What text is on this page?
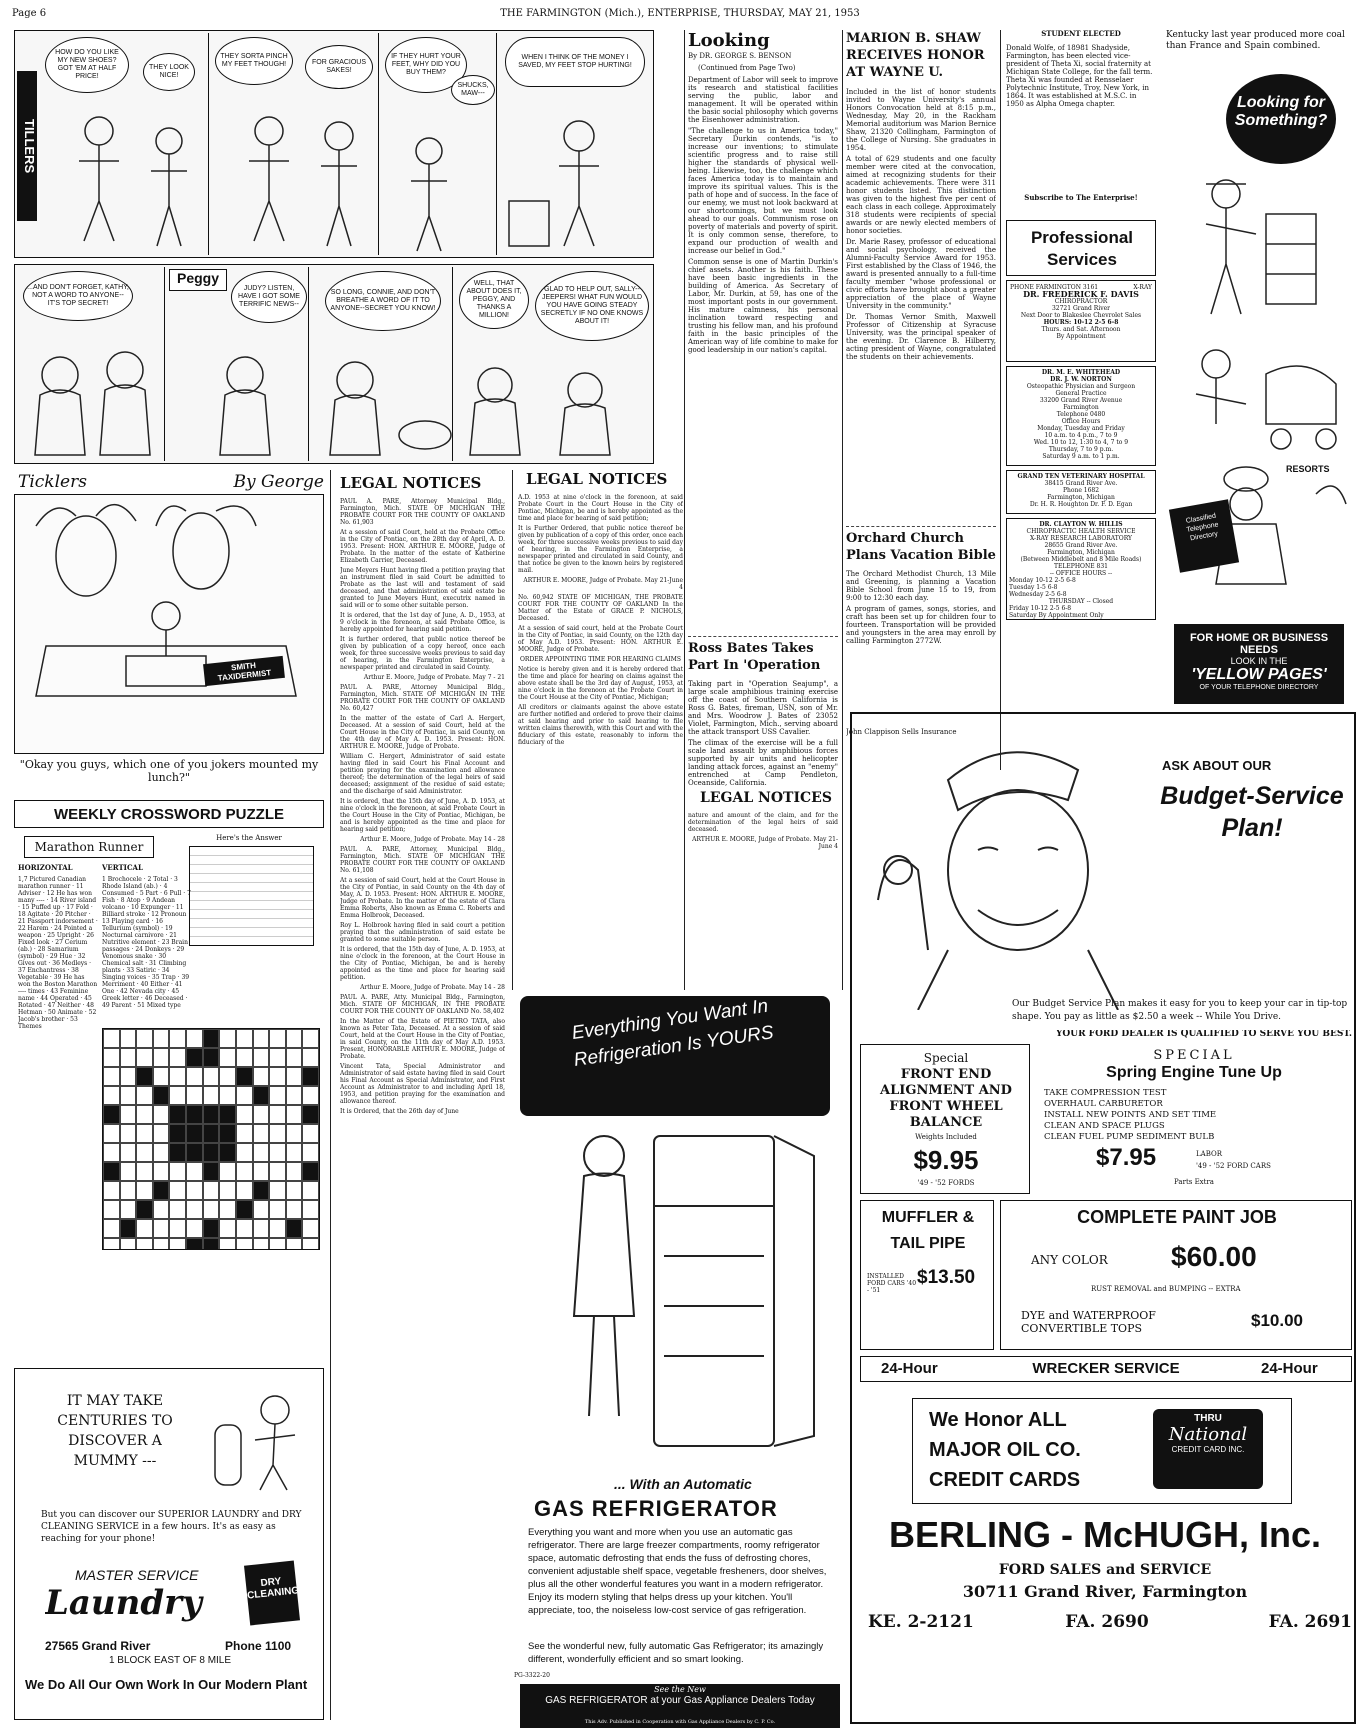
Page 6	THE FARMINGTON (Mich.), ENTERPRISE, THURSDAY, MAY 21, 1953
TILLERS
HOW DO YOU LIKE MY NEW SHOES? GOT 'EM AT HALF PRICE!
THEY LOOK NICE!
THEY SORTA PINCH MY FEET THOUGH!	FOR GRACIOUS SAKES!
IF THEY HURT YOUR FEET, WHY DID YOU BUY THEM?
SHUCKS, MAW---
WHEN I THINK OF THE MONEY I SAVED, MY FEET STOP HURTING!
Peggy
...AND DON'T FORGET, KATHY, NOT A WORD TO ANYONE--IT'S TOP SECRET!
JUDY? LISTEN, HAVE I GOT SOME TERRIFIC NEWS--
SO LONG, CONNIE, AND DON'T BREATHE A WORD OF IT TO ANYONE--SECRET YOU KNOW!
WELL, THAT ABOUT DOES IT, PEGGY, AND THANKS A MILLION!
GLAD TO HELP OUT, SALLY--JEEPERS! WHAT FUN WOULD YOU HAVE GOING STEADY SECRETLY IF NO ONE KNOWS ABOUT IT!
Ticklers	By George
SMITH TAXIDERMIST
"Okay you guys, which one of you jokers mounted my lunch?"
WEEKLY CROSSWORD PUZZLE
Marathon Runner
Here's the Answer
HORIZONTAL	VERTICAL
1,7 Pictured Canadian marathon runner · 11 Adviser · 12 He has won many ---- · 14 River island · 15 Puffed up · 17 Fold · 18 Agitate · 20 Pitcher · 21 Passport indorsement · 22 Harem · 24 Pointed a weapon · 25 Upright · 26 Fixed look · 27 Cerium (ab.) · 28 Samarium (symbol) · 29 Hue · 32 Gives out · 36 Medleys · 37 Enchantress · 38 Vegetable · 39 He has won the Boston Marathon ---- times · 43 Feminine name · 44 Operated · 45 Rotated · 47 Neither · 48 Hetman · 50 Animate · 52 Jacob's brother · 53 Themes
1 Brochocele · 2 Total · 3 Rhode Island (ab.) · 4 Consumed · 5 Part · 6 Pull · 7 Fish · 8 Atop · 9 Andean volcano · 10 Expunger · 11 Billiard stroke · 12 Pronoun · 13 Playing card · 16 Tellurium (symbol) · 19 Nocturnal carnivore · 21 Nutritive element · 23 Brain passages · 24 Donkeys · 29 Venomous snake · 30 Chemical salt · 31 Climbing plants · 33 Satiric · 34 Singing voices · 35 Trap · 39 Merriment · 40 Either · 41 One · 42 Nevada city · 45 Greek letter · 46 Deceased · 49 Parent · 51 Mixed type
IT MAY TAKE CENTURIES TO DISCOVER A MUMMY ---
But you can discover our SUPERIOR LAUNDRY and DRY CLEANING SERVICE in a few hours. It's as easy as reaching for your phone!
MASTER SERVICE
Laundry
DRY CLEANING
27565 Grand River	Phone 1100
1 BLOCK EAST OF 8 MILE
We Do All Our Own Work In Our Modern Plant
LEGAL NOTICES	LEGAL NOTICES

PAUL A. PARE, Attorney Municipal Bldg., Farmington, Mich. STATE OF MICHIGAN THE PROBATE COURT FOR THE COUNTY OF OAKLAND No. 61,903

At a session of said Court, held at the Probate Office in the City of Pontiac, on the 28th day of April, A. D. 1953. Present: HON. ARTHUR E. MOORE, Judge of Probate. In the matter of the estate of Katherine Elizabeth Carrier, Deceased.

June Meyers Hunt having filed a petition praying that an instrument filed in said Court be admitted to Probate as the last will and testament of said deceased, and that administration of said estate be granted to June Meyers Hunt, executrix named in said will or to some other suitable person.

It is ordered, that the 1st day of June, A. D., 1953, at 9 o'clock in the forenoon, at said Probate Office, is hereby appointed for hearing said petition.

It is further ordered, that public notice thereof be given by publication of a copy hereof, once each week, for three successive weeks previous to said day of hearing, in the Farmington Enterprise, a newspaper printed and circulated in said County.

Arthur E. Moore, Judge of Probate. May 7 - 21

PAUL A. PARE, Attorney Municipal Bldg., Farmington, Mich. STATE OF MICHIGAN IN THE PROBATE COURT FOR THE COUNTY OF OAKLAND No. 60,427

In the matter of the estate of Carl A. Hergert, Deceased. At a session of said Court, held at the Court House in the City of Pontiac, in said County, on the 4th day of May A. D. 1953. Present: HON. ARTHUR E. MOORE, Judge of Probate.

William C. Hergert, Administrator of said estate having filed in said Court his Final Account and petition praying for the examination and allowance thereof; the determination of the legal heirs of said deceased; assignment of the residue of said estate; and the discharge of said Administrator.

It is ordered, that the 15th day of June, A. D. 1953, at nine o'clock in the forenoon, at said Probate Court in the Court House in the City of Pontiac, Michigan, be and is hereby appointed as the time and place for hearing said petition;

Arthur E. Moore, Judge of Probate. May 14 - 28

PAUL A. PARE, Attorney, Municipal Bldg., Farmington, Mich. STATE OF MICHIGAN THE PROBATE COURT FOR THE COUNTY OF OAKLAND No. 61,108

At a session of said Court, held at the Court House in the City of Pontiac, in said County on the 4th day of May, A. D. 1953. Present: HON. ARTHUR E. MOORE, Judge of Probate. In the matter of the estate of Clara Emma Roberts, Also known as Emma C. Roberts and Emma Holbrook, Deceased.

Roy L. Holbrook having filed in said court a petition praying that the administration of said estate be granted to some suitable person.

It is ordered, that the 15th day of June, A. D. 1953, at nine o'clock in the forenoon, at the Court House in the City of Pontiac, Michigan, be and is hereby appointed as the time and place for hearing said petition.

Arthur E. Moore, Judge of Probate. May 14 - 28

PAUL A. PARE, Atty. Municipal Bldg., Farmington, Mich. STATE OF MICHIGAN, IN THE PROBATE COURT FOR THE COUNTY OF OAKLAND No. 58,402

In the Matter of the Estate of PIETRO TATA, also known as Peter Tata, Deceased. At a session of said Court, held at the Court House in the City of Pontiac, in said County, on the 11th day of May A.D. 1953. Present, HONORABLE ARTHUR E. MOORE, Judge of Probate.

Vincent Tata, Special Administrator and Administrator of said estate having filed in said Court his Final Account as Special Administrator, and First Account as Administrator to and including April 18, 1953, and petition praying for the examination and allowance thereof.

It is Ordered, that the 26th day of June

A.D. 1953 at nine o'clock in the forenoon, at said Probate Court in the Court House in the City of Pontiac, Michigan, be and is hereby appointed as the time and place for hearing of said petition;

It is Further Ordered, that public notice thereof be given by publication of a copy of this order, once each week, for three successive weeks previous to said day of hearing, in the Farmington Enterprise, a newspaper printed and circulated in said County, and that notice be given to the known heirs by registered mail.

ARTHUR E. MOORE, Judge of Probate. May 21-June 4

No. 60,942 STATE OF MICHIGAN, THE PROBATE COURT FOR THE COUNTY OF OAKLAND In the Matter of the Estate of GRACE P. NICHOLS, Deceased.

At a session of said court, held at the Probate Court in the City of Pontiac, in said County, on the 12th day of May A.D. 1953. Present: HON. ARTHUR E. MOORE, Judge of Probate.

ORDER APPOINTING TIME FOR HEARING CLAIMS

Notice is hereby given and it is hereby ordered that the time and place for hearing on claims against the above estate shall be the 3rd day of August, 1953, at nine o'clock in the forenoon at the Probate Court in the Court House at the City of Pontiac, Michigan;

All creditors or claimants against the above estate are further notified and ordered to prove their claims at said hearing and prior to said hearing to file written claims therewith, with this Court and with the fiduciary of this estate, reasonably to inform the fiduciary of the

Everything You Want In Refrigeration Is YOURS
... With an Automatic
GAS REFRIGERATOR
Everything you want and more when you use an automatic gas refrigerator. There are large freezer compartments, roomy refrigerator space, automatic defrosting that ends the fuss of defrosting chores, convenient adjustable shelf space, vegetable fresheners, door shelves, plus all the other wonderful features you want in a modern refrigerator. Enjoy its modern styling that helps dress up your kitchen. You'll appreciate, too, the noiseless low-cost service of gas refrigeration.
See the wonderful new, fully automatic Gas Refrigerator; its amazingly different, wonderfully efficient and so smart looking.
PG-3322-20
See the New
GAS REFRIGERATOR at your Gas Appliance Dealers Today
This Adv. Published in Cooperation with Gas Appliance Dealers by C. P. Co.
Looking
By DR. GEORGE S. BENSON
(Continued from Page Two)

Department of Labor will seek to improve its research and statistical facilities serving the public, labor and management. It will be operated within the basic social philosophy which governs the Eisenhower administration.

"The challenge to us in America today," Secretary Durkin contends, "is to increase our inventions; to stimulate scientific progress and to raise still higher the standards of physical well-being. Likewise, too, the challenge which faces America today is to maintain and improve its spiritual values. This is the path of hope and of success. In the face of our enemy, we must not look backward at our shortcomings, but we must look ahead to our goals. Communism rose on poverty of materials and poverty of spirit. It is only common sense, therefore, to expand our production of wealth and increase our belief in God."

Common sense is one of Martin Durkin's chief assets. Another is his faith. These have been basic ingredients in the building of America. As Secretary of Labor, Mr. Durkin, at 59, has one of the most important posts in our government. His mature calmness, his personal inclination toward respecting and trusting his fellow man, and his profound faith in the basic principles of the American way of life combine to make for good leadership in our nation's capital.

Ross Bates Takes Part In 'Operation

Taking part in "Operation Seajump", a large scale amphibious training exercise off the coast of Southern California is Ross G. Bates, fireman, USN, son of Mr. and Mrs. Woodrow J. Bates of 23052 Violet, Farmington, Mich., serving aboard the attack transport USS Cavalier.

The climax of the exercise will be a full scale land assault by amphibious forces supported by air units and helicopter landing attack forces, against an "enemy" entrenched at Camp Pendleton, Oceanside, California.

MARION B. SHAW RECEIVES HONOR AT WAYNE U.

Included in the list of honor students invited to Wayne University's annual Honors Convocation held at 8:15 p.m., Wednesday, May 20, in the Rackham Memorial auditorium was Marion Bernice Shaw, 21320 Collingham, Farmington of the College of Nursing. She graduates in 1954.

A total of 629 students and one faculty member were cited at the convocation, aimed at recognizing students for their academic achievements. There were 311 honor students listed. This distinction was given to the highest five per cent of each class in each college. Approximately 318 students were recipients of special awards or are newly elected members of honor societies.

Dr. Marie Rasey, professor of educational and social psychology, received the Alumni-Faculty Service Award for 1953. First established by the Class of 1946, the award is presented annually to a full-time faculty member "whose professional or civic efforts have brought about a greater appreciation of the place of Wayne University in the community."

Dr. Thomas Vernor Smith, Maxwell Professor of Citizenship at Syracuse University, was the principal speaker of the evening. Dr. Clarence B. Hilberry, acting president of Wayne, congratulated the students on their achievements.

Orchard Church Plans Vacation Bible

The Orchard Methodist Church, 13 Mile and Greening, is planning a Vacation Bible School from June 15 to 19, from 9:00 to 12:30 each day.

A program of games, songs, stories, and craft has been set up for children four to fourteen. Transportation will be provided and youngsters in the area may enroll by calling Farmington 2772W.

John Clappison Sells Insurance
LEGAL NOTICES

nature and amount of the claim, and for the determination of the legal heirs of said deceased.

ARTHUR E. MOORE, Judge of Probate. May 21-June 4

STUDENT ELECTED
Donald Wolfe, of 18981 Shadyside, Farmington, has been elected vice-president of Theta Xi, social fraternity at Michigan State College, for the fall term. Theta Xi was founded at Rensselaer Polytechnic Institute, Troy, New York, in 1864. It was established at M.S.C. in 1950 as Alpha Omega chapter.
Subscribe to The Enterprise!
Professional Services
PHONE FARMINGTON 3161	X-RAY
DR. FREDERICK F. DAVIS
CHIROPRACTOR
32721 Grand River
Next Door to Blakeslee Chevrolet Sales
HOURS: 10-12 2-5 6-8
Thurs. and Sat. Afternoon
By Appointment
DR. M. E. WHITEHEAD
DR. J. W. NORTON
Osteopathic Physician and Surgeon
General Practice
33200 Grand River Avenue
Farmington
Telephone 0480
Office Hours
Monday, Tuesday and Friday
10 a.m. to 4 p.m., 7 to 9
Wed. 10 to 12, 1:30 to 4, 7 to 9
Thursday, 7 to 9 p.m.
Saturday 9 a.m. to 1 p.m.
GRAND TEN VETERINARY HOSPITAL
38415 Grand River Ave.
Phone 1682
Farmington, Michigan
Dr. H. R. Houghton Dr. F. D. Egan
DR. CLAYTON W. HILLIS
CHIROPRACTIC HEALTH SERVICE
X-RAY RESEARCH LABORATORY
28655 Grand River Ave.
Farmington, Michigan
(Between Middlebelt and 8 Mile Roads)
TELEPHONE 831
-- OFFICE HOURS --
Monday 10-12 2-5 6-8
Tuesday 1-5 6-8
Wednesday 2-5 6-8
THURSDAY -- Closed
Friday 10-12 2-5 6-8
Saturday By Appointment Only
Kentucky last year produced more coal than France and Spain combined.
Looking for Something?
RESORTS
Classified Telephone Directory
FOR HOME OR BUSINESS NEEDS
LOOK IN THE
'YELLOW PAGES'
OF YOUR TELEPHONE DIRECTORY
ASK ABOUT OUR
Budget-Service Plan!
Our Budget Service Plan makes it easy for you to keep your car in tip-top shape. You pay as little as $2.50 a week -- While You Drive.
YOUR FORD DEALER IS QUALIFIED TO SERVE YOU BEST.
Special
FRONT END ALIGNMENT AND FRONT WHEEL BALANCE
Weights Included
$9.95
'49 - '52 FORDS
SPECIAL
Spring Engine Tune Up
TAKE COMPRESSION TEST
OVERHAUL CARBURETOR
INSTALL NEW POINTS AND SET TIME
CLEAN AND SPACE PLUGS
CLEAN FUEL PUMP SEDIMENT BULB
$7.95	LABOR
'49 - '52 FORD CARS
Parts Extra
MUFFLER & TAIL PIPE
INSTALLED FORD CARS '40 - '51
$13.50
COMPLETE PAINT JOB
ANY COLOR	$60.00
RUST REMOVAL and BUMPING -- EXTRA
DYE and WATERPROOF CONVERTIBLE TOPS	$10.00
24-Hour	WRECKER SERVICE	24-Hour
We Honor ALL MAJOR OIL CO. CREDIT CARDS
THRU
National
CREDIT CARD INC.
BERLING - McHUGH, Inc.
FORD SALES and SERVICE
30711 Grand River, Farmington
KE. 2-2121	FA. 2690	FA. 2691
